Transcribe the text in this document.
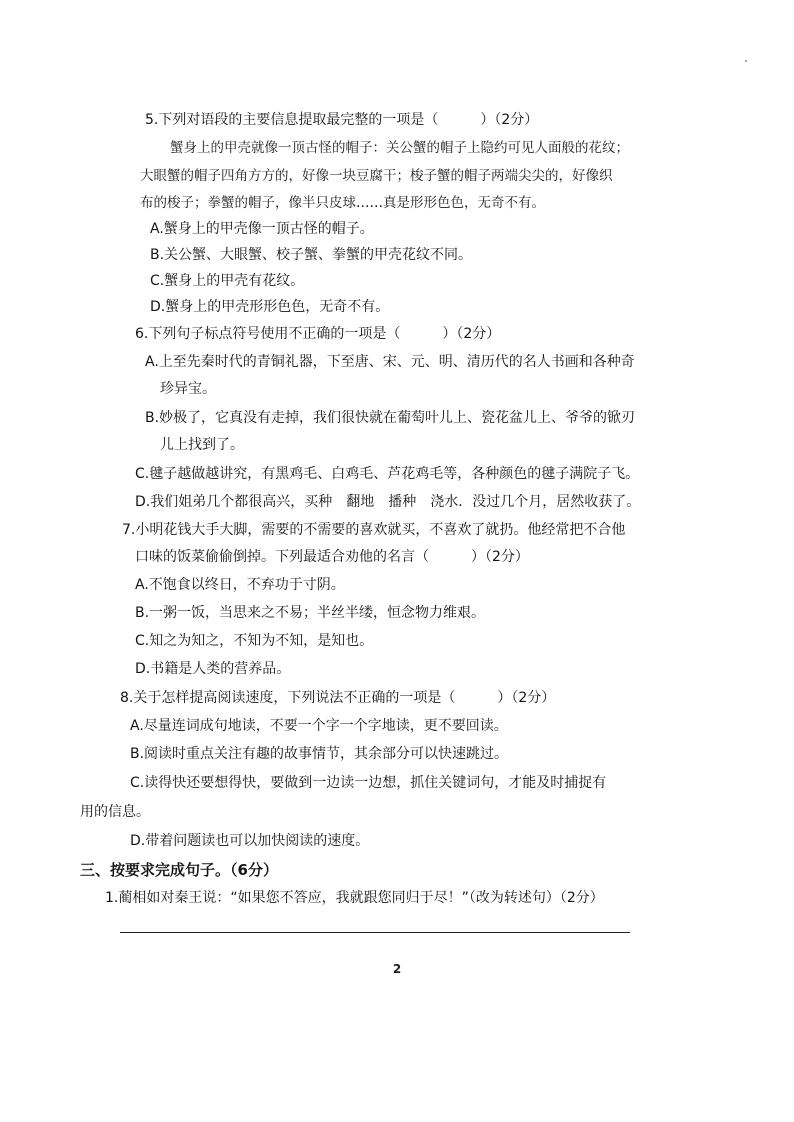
5.下列对语段的主要信息提取最完整的一项是（　　　）（2分）
蟹身上的甲壳就像一顶古怪的帽子：关公蟹的帽子上隐约可见人面般的花纹；
大眼蟹的帽子四角方方的，好像一块豆腐干；梭子蟹的帽子两端尖尖的，好像织
布的梭子；拳蟹的帽子，像半只皮球……真是形形色色，无奇不有。
A.蟹身上的甲壳像一顶古怪的帽子。
B.关公蟹、大眼蟹、校子蟹、拳蟹的甲壳花纹不同。
C.蟹身上的甲壳有花纹。
D.蟹身上的甲壳形形色色，无奇不有。
6.下列句子标点符号使用不正确的一项是（　　　）（2分）
A.上至先秦时代的青铜礼器，下至唐、宋、元、明、清历代的名人书画和各种奇
珍异宝。
B.妙极了，它真没有走掉，我们很快就在葡萄叶儿上、瓷花盆儿上、爷爷的锨刃
儿上找到了。
C.毽子越做越讲究，有黑鸡毛、白鸡毛、芦花鸡毛等，各种颜色的毽子满院子飞。
D.我们姐弟几个都很高兴，买种　翻地　播种　浇水．没过几个月，居然收获了。
7.小明花钱大手大脚，需要的不需要的喜欢就买，不喜欢了就扔。他经常把不合他
口味的饭菜偷偷倒掉。下列最适合劝他的名言（　　　）（2分）
A.不饱食以终日，不弃功于寸阴。
B.一粥一饭，当思来之不易；半丝半缕，恒念物力维艰。
C.知之为知之，不知为不知，是知也。
D.书籍是人类的营养品。
8.关于怎样提高阅读速度，下列说法不正确的一项是（　　　）（2分）
A.尽量连词成句地读，不要一个字一个字地读，更不要回读。
B.阅读时重点关注有趣的故事情节，其余部分可以快速跳过。
C.读得快还要想得快，要做到一边读一边想，抓住关键词句，才能及时捕捉有
用的信息。
D.带着问题读也可以加快阅读的速度。
三、按要求完成句子。（6分）
1.蔺相如对秦王说：“如果您不答应，我就跟您同归于尽！”（改为转述句）（2分）
2
